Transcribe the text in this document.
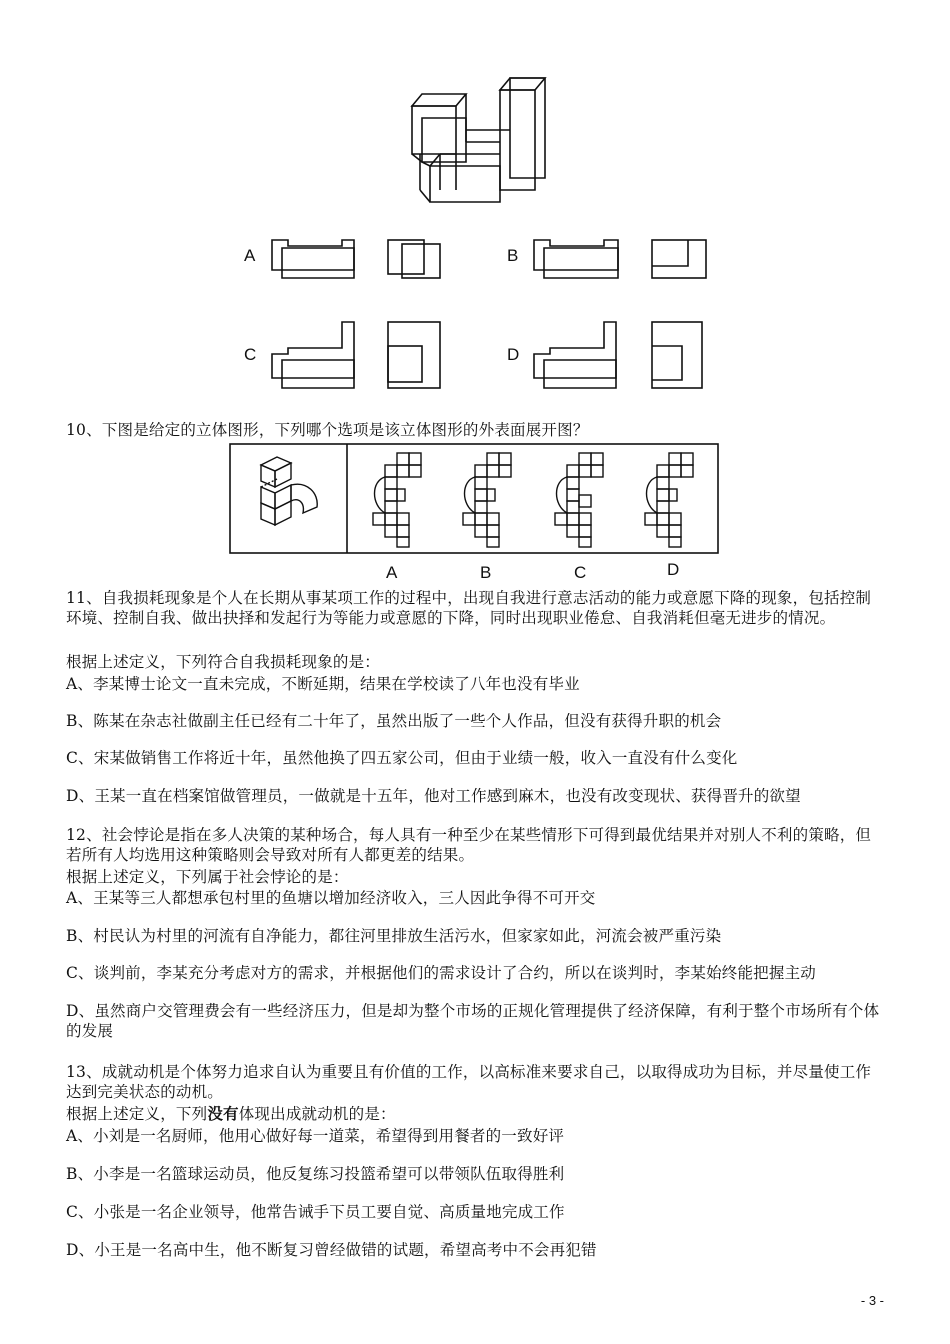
A	B
C	D
10、下图是给定的立体图形，下列哪个选项是该立体图形的外表面展开图？
A	B	C	D
11、自我损耗现象是个人在长期从事某项工作的过程中，出现自我进行意志活动的能力或意愿下降的现象，包括控制环境、控制自我、做出抉择和发起行为等能力或意愿的下降，同时出现职业倦怠、自我消耗但毫无进步的情况。
根据上述定义，下列符合自我损耗现象的是：
A、李某博士论文一直未完成，不断延期，结果在学校读了八年也没有毕业
B、陈某在杂志社做副主任已经有二十年了，虽然出版了一些个人作品，但没有获得升职的机会
C、宋某做销售工作将近十年，虽然他换了四五家公司，但由于业绩一般，收入一直没有什么变化
D、王某一直在档案馆做管理员，一做就是十五年，他对工作感到麻木，也没有改变现状、获得晋升的欲望
12、社会悖论是指在多人决策的某种场合，每人具有一种至少在某些情形下可得到最优结果并对别人不利的策略，但若所有人均选用这种策略则会导致对所有人都更差的结果。
根据上述定义，下列属于社会悖论的是：
A、王某等三人都想承包村里的鱼塘以增加经济收入，三人因此争得不可开交
B、村民认为村里的河流有自净能力，都往河里排放生活污水，但家家如此，河流会被严重污染
C、谈判前，李某充分考虑对方的需求，并根据他们的需求设计了合约，所以在谈判时，李某始终能把握主动
D、虽然商户交管理费会有一些经济压力，但是却为整个市场的正规化管理提供了经济保障，有利于整个市场所有个体的发展
13、成就动机是个体努力追求自认为重要且有价值的工作，以高标准来要求自己，以取得成功为目标，并尽量使工作达到完美状态的动机。
根据上述定义，下列没有体现出成就动机的是：
A、小刘是一名厨师，他用心做好每一道菜，希望得到用餐者的一致好评
B、小李是一名篮球运动员，他反复练习投篮希望可以带领队伍取得胜利
C、小张是一名企业领导，他常告诫手下员工要自觉、高质量地完成工作
D、小王是一名高中生，他不断复习曾经做错的试题，希望高考中不会再犯错
- 3 -
